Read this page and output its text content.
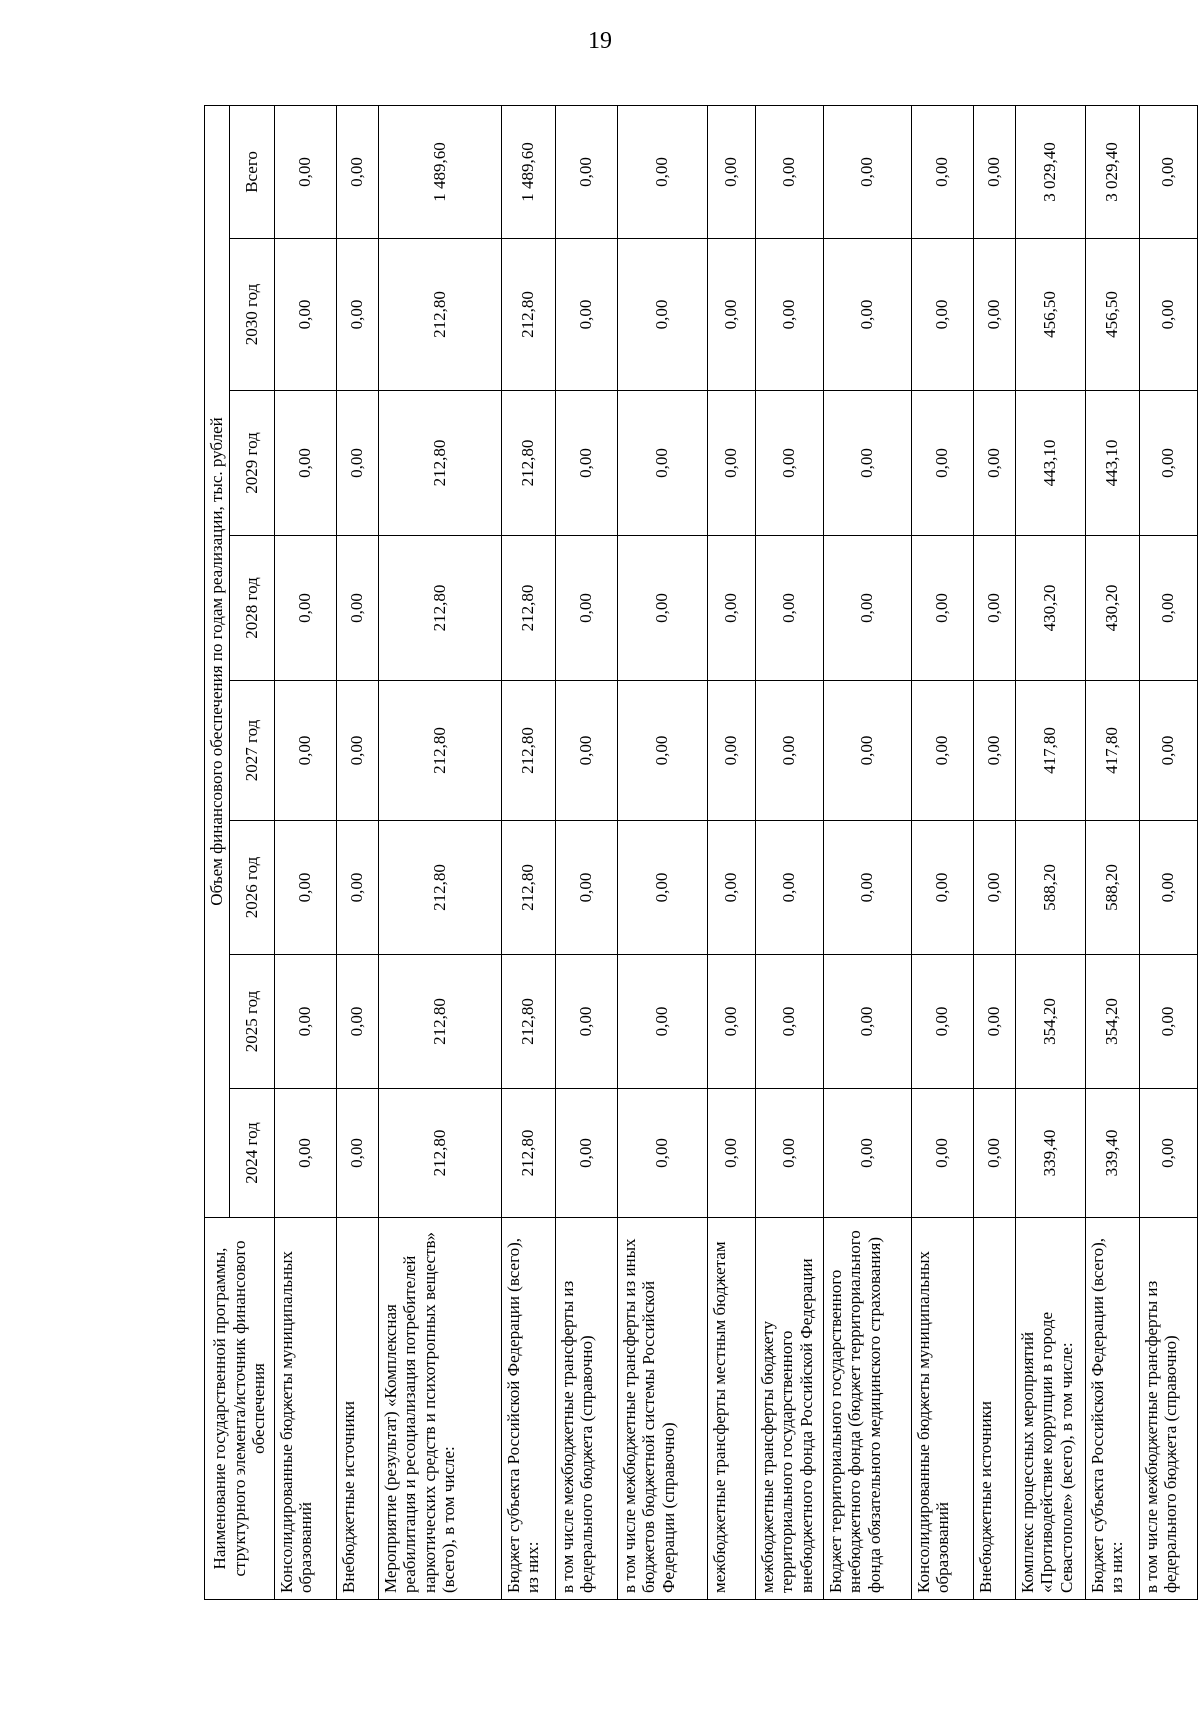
19
Наименование государственной программы, структурного элемента/источник финансового обеспечения	Объем финансового обеспечения по годам реализации, тыс. рублей							
	2024 год	2025 год	2026 год	2027 год	2028 год	2029 год	2030 год	Всего
Консолидированные бюджеты муниципальных образований	0,00	0,00	0,00	0,00	0,00	0,00	0,00	0,00
Внебюджетные источники	0,00	0,00	0,00	0,00	0,00	0,00	0,00	0,00
Мероприятие (результат) «Комплексная реабилитация и ресоциализация потребителей наркотических средств и психотропных веществ» (всего), в том числе:	212,80	212,80	212,80	212,80	212,80	212,80	212,80	1 489,60
Бюджет субъекта Российской Федерации (всего), из них:	212,80	212,80	212,80	212,80	212,80	212,80	212,80	1 489,60
в том числе межбюджетные трансферты из федерального бюджета (справочно)	0,00	0,00	0,00	0,00	0,00	0,00	0,00	0,00
в том числе межбюджетные трансферты из иных бюджетов бюджетной системы Российской Федерации (справочно)	0,00	0,00	0,00	0,00	0,00	0,00	0,00	0,00
межбюджетные трансферты местным бюджетам	0,00	0,00	0,00	0,00	0,00	0,00	0,00	0,00
межбюджетные трансферты бюджету территориального государственного внебюджетного фонда Российской Федерации	0,00	0,00	0,00	0,00	0,00	0,00	0,00	0,00
Бюджет территориального государственного внебюджетного фонда (бюджет территориального фонда обязательного медицинского страхования)	0,00	0,00	0,00	0,00	0,00	0,00	0,00	0,00
Консолидированные бюджеты муниципальных образований	0,00	0,00	0,00	0,00	0,00	0,00	0,00	0,00
Внебюджетные источники	0,00	0,00	0,00	0,00	0,00	0,00	0,00	0,00
Комплекс процессных мероприятий «Противодействие коррупции в городе Севастополе» (всего), в том числе:	339,40	354,20	588,20	417,80	430,20	443,10	456,50	3 029,40
Бюджет субъекта Российской Федерации (всего), из них:	339,40	354,20	588,20	417,80	430,20	443,10	456,50	3 029,40
в том числе межбюджетные трансферты из федерального бюджета (справочно)	0,00	0,00	0,00	0,00	0,00	0,00	0,00	0,00
